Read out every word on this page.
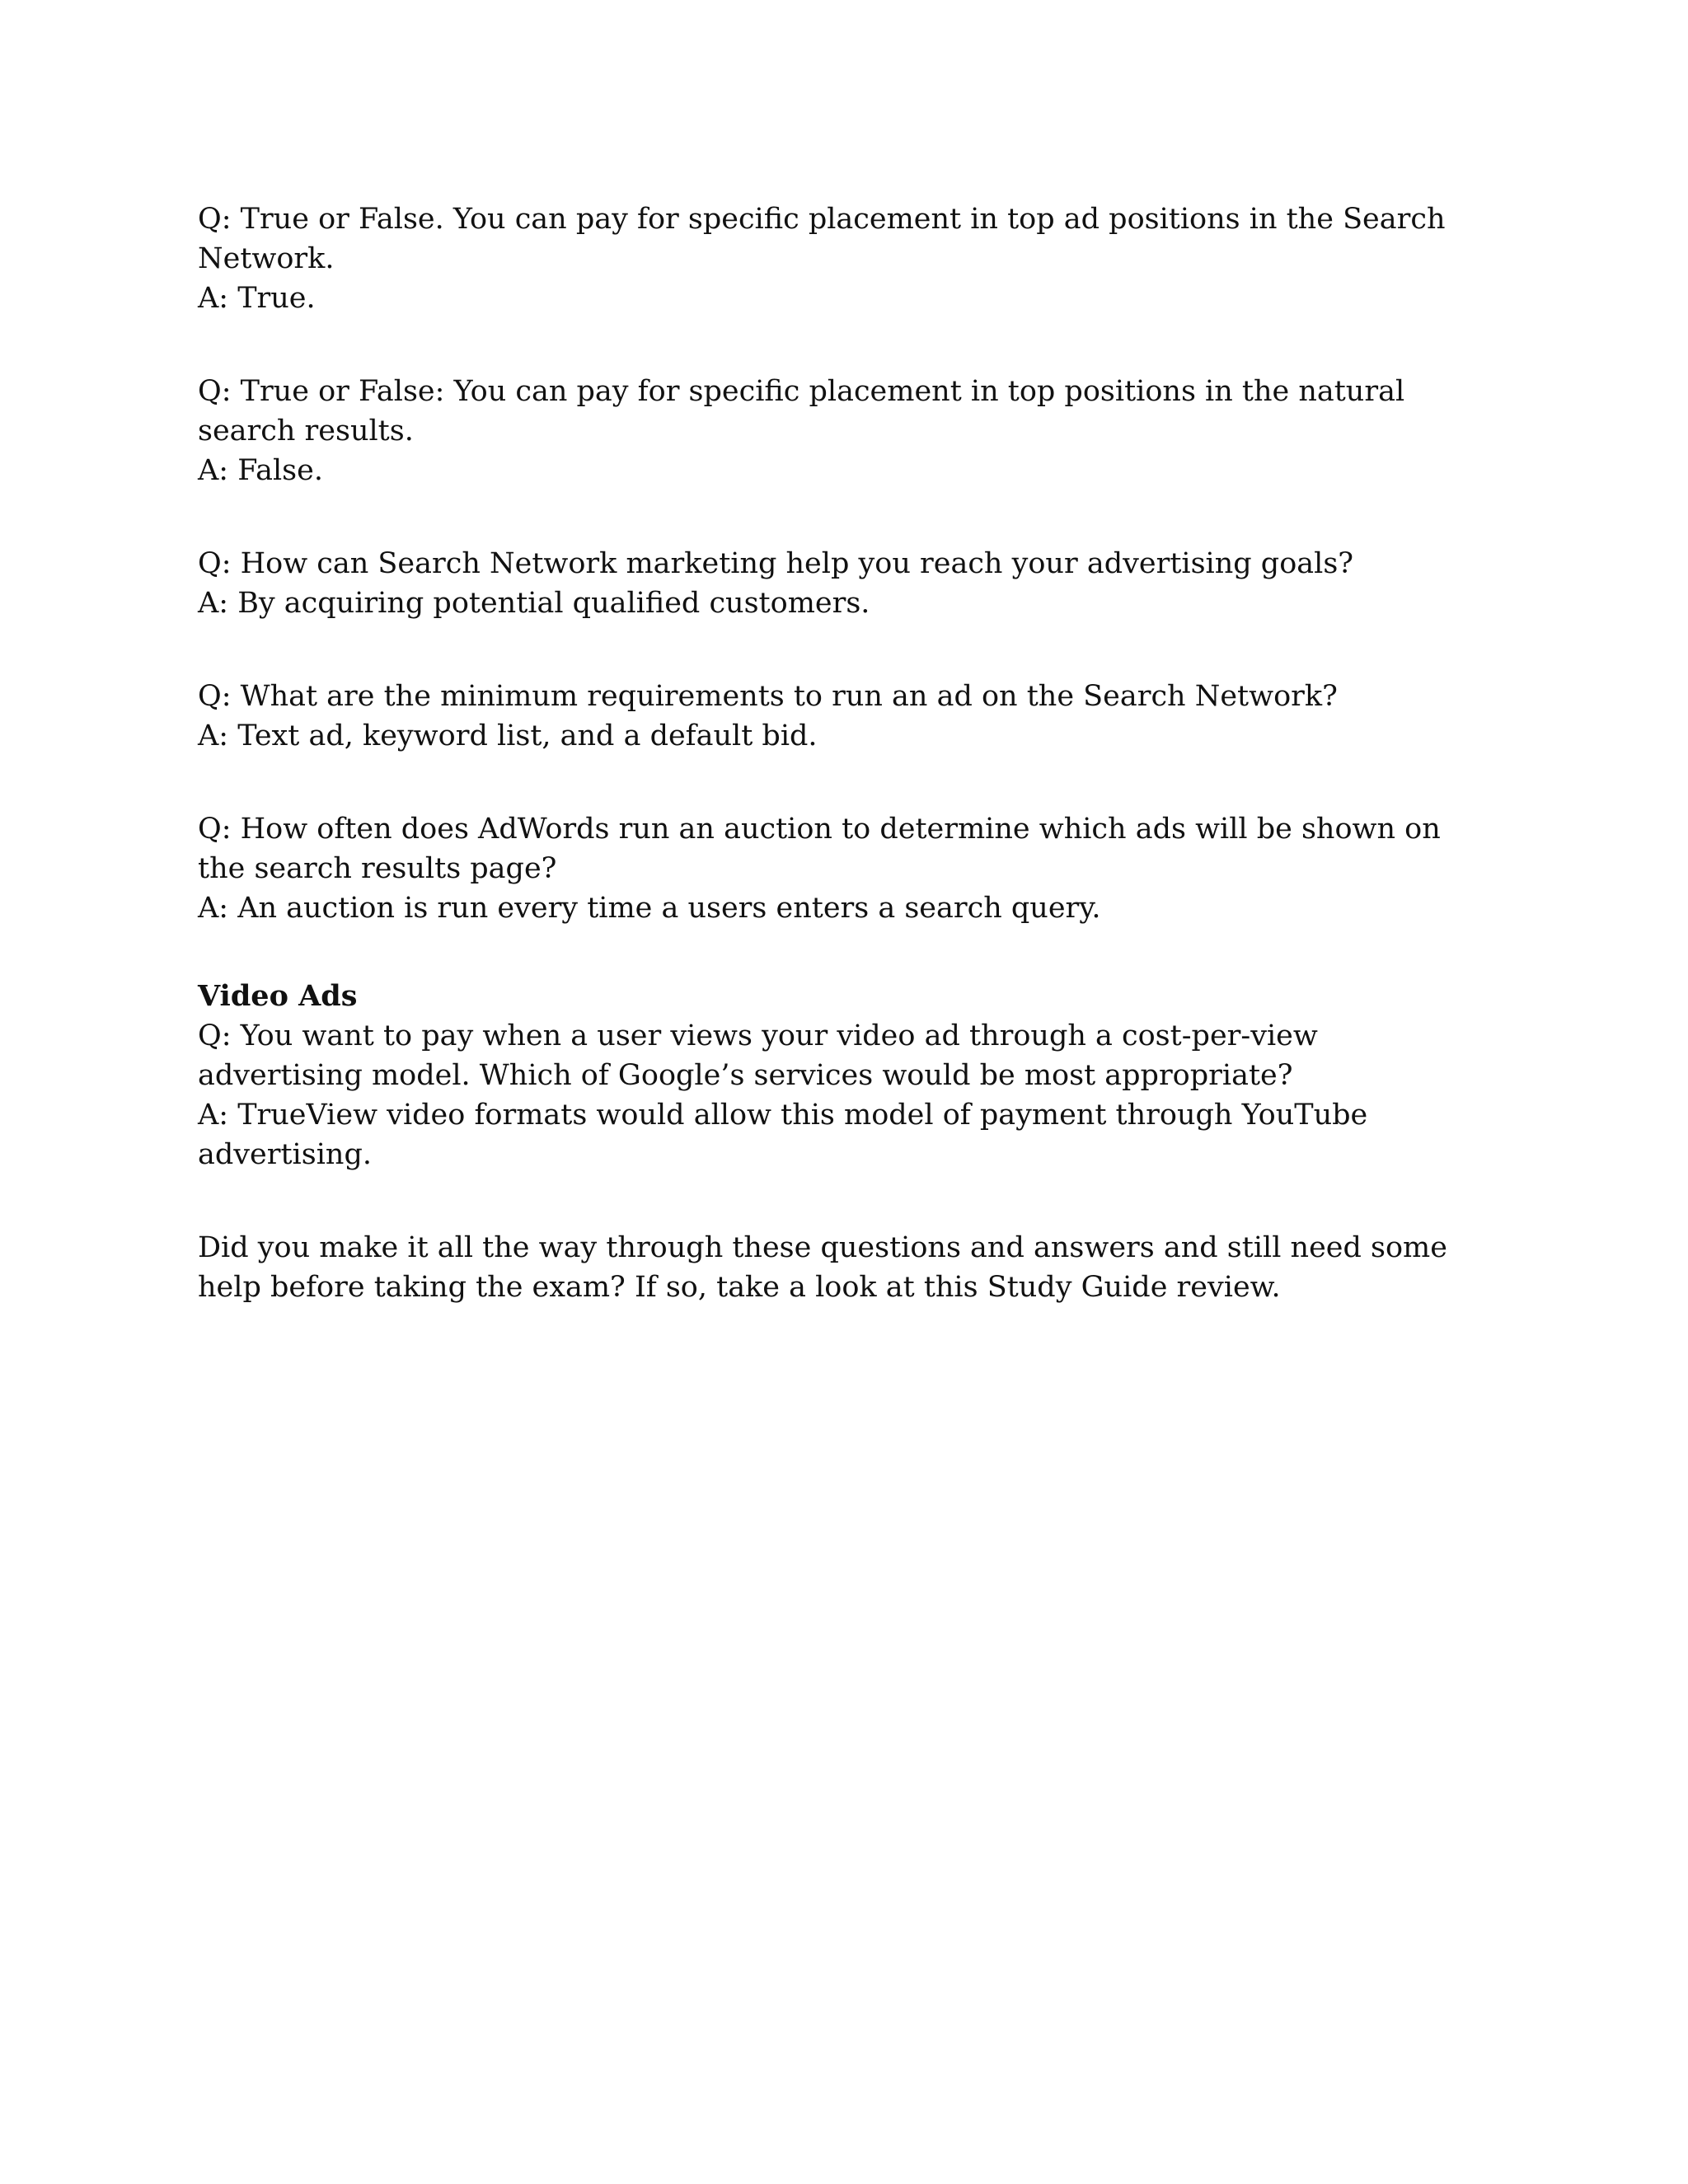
Q: True or False. You can pay for specific placement in top ad positions in the Search Network.

A: True.

Q: True or False: You can pay for specific placement in top positions in the natural search results.

A: False.

Q: How can Search Network marketing help you reach your advertising goals?

A: By acquiring potential qualified customers.

Q: What are the minimum requirements to run an ad on the Search Network?

A: Text ad, keyword list, and a default bid.

Q: How often does AdWords run an auction to determine which ads will be shown on the search results page?

A: An auction is run every time a users enters a search query.

Video Ads

Q: You want to pay when a user views your video ad through a cost-per-view advertising model. Which of Google’s services would be most appropriate?

A: TrueView video formats would allow this model of payment through YouTube advertising.

Did you make it all the way through these questions and answers and still need some help before taking the exam? If so, take a look at this Study Guide review.
